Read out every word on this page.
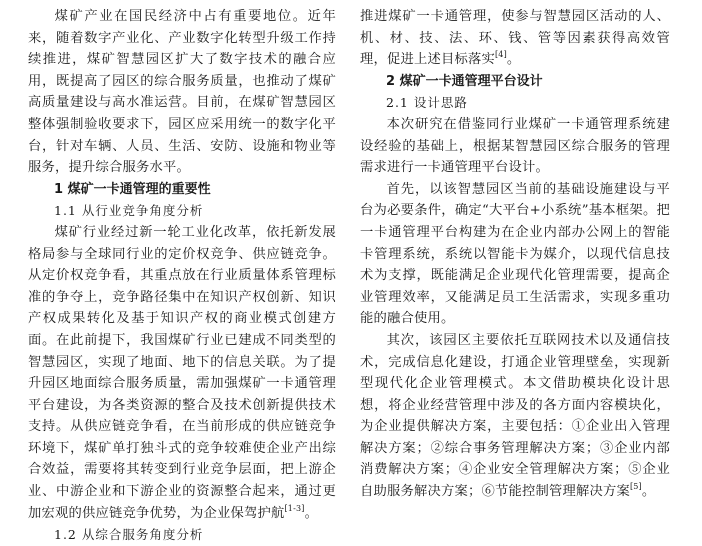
煤矿产业在国民经济中占有重要地位。近年来，随着数字产业化、产业数字化转型升级工作持续推进，煤矿智慧园区扩大了数字技术的融合应用，既提高了园区的综合服务质量，也推动了煤矿高质量建设与高水准运营。目前，在煤矿智慧园区整体强制验收要求下，园区应采用统一的数字化平台，针对车辆、人员、生活、安防、设施和物业等服务，提升综合服务水平。

1 煤矿一卡通管理的重要性

1.1 从行业竞争角度分析

煤矿行业经过新一轮工业化改革，依托新发展格局参与全球同行业的定价权竞争、供应链竞争。从定价权竞争看，其重点放在行业质量体系管理标准的争夺上，竞争路径集中在知识产权创新、知识产权成果转化及基于知识产权的商业模式创建方面。在此前提下，我国煤矿行业已建成不同类型的智慧园区，实现了地面、地下的信息关联。为了提升园区地面综合服务质量，需加强煤矿一卡通管理平台建设，为各类资源的整合及技术创新提供技术支持。从供应链竞争看，在当前形成的供应链竞争环境下，煤矿单打独斗式的竞争较难使企业产出综合效益，需要将其转变到行业竞争层面，把上游企业、中游企业和下游企业的资源整合起来，通过更加宏观的供应链竞争优势，为企业保驾护航[1-3]。

1.2 从综合服务角度分析

推进煤矿一卡通管理，使参与智慧园区活动的人、机、材、技、法、环、钱、管等因素获得高效管理，促进上述目标落实[4]。

2 煤矿一卡通管理平台设计

2.1 设计思路

本次研究在借鉴同行业煤矿一卡通管理系统建设经验的基础上，根据某智慧园区综合服务的管理需求进行一卡通管理平台设计。

首先，以该智慧园区当前的基础设施建设与平台为必要条件，确定“大平台+小系统”基本框架。把一卡通管理平台构建为在企业内部办公网上的智能卡管理系统，系统以智能卡为媒介，以现代信息技术为支撑，既能满足企业现代化管理需要，提高企业管理效率，又能满足员工生活需求，实现多重功能的融合使用。

其次，该园区主要依托互联网技术以及通信技术，完成信息化建设，打通企业管理壁垒，实现新型现代化企业管理模式。本文借助模块化设计思想，将企业经营管理中涉及的各方面内容模块化，为企业提供解决方案，主要包括：①企业出入管理解决方案；②综合事务管理解决方案；③企业内部消费解决方案；④企业安全管理解决方案；⑤企业自助服务解决方案；⑥节能控制管理解决方案[5]。
